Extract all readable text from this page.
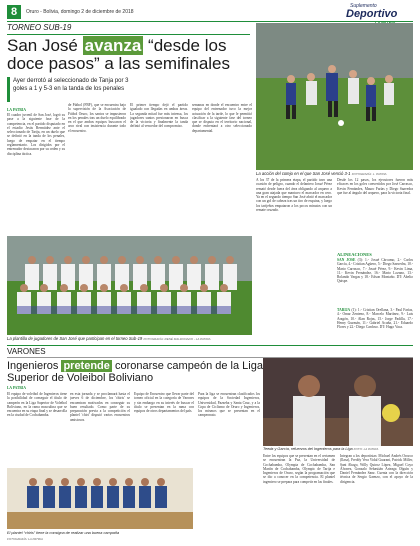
8	Oruro - Bolivia, domingo 2 de diciembre de 2018
Suplemento
Deportivo
TORNEO SUB-19
San José avanza “desde los doce pasos” a las semifinales
Ayer derrotó al seleccionado de Tanja por 3 goles a 1 y 5-3 en la tanda de los penales
LA PATRIA
El cuadro juvenil de San José, logró su pase a la siguiente fase de la competencia, en el partido disputado en el estadio Jesús Bermúdez ante el seleccionado de Tarija, en un duelo que se definió en la tanda de los penales, luego de empatar en el tiempo reglamentario. Los dirigidos por el entrenador destacaron por su orden y su disciplina táctica.
de Fútbol (FBF), que se encuentra bajo la supervisión de la Asociación de Fútbol Oruro, los santos se impusieron en los penales tras un duelo equilibrado en el que ambos equipos buscaron el arco rival con insistencia durante todo el encuentro.
El primer tiempo dejó el partido igualado con llegadas en ambas áreas. La segunda mitad fue más intensa, los jugadores santos presionaron en busca de la victoria y finalmente la tanda definió al vencedor del compromiso.
semanas en donde el encuentro entre el equipo del entrenador tuvo la mejor actuación de la tarde, lo que le permitió clasificar a la siguiente fase del torneo que se disputa en el territorio nacional, donde enfrentará a otro seleccionado departamental.
La acción del cotejo en el que San José venció 3-1 FOTOGRAFÍA: L. PATRIA
A los 37 de la primera etapa, el partido tuvo una ocasión de peligro, cuando el delantero Josué Pérez remató desde fuera del área obligando al arquero a una gran atajada que mantuvo el marcador en cero. Ya en el segundo tiempo San José abrió el marcador con un gol de cabeza tras un tiro de esquina, y luego los tarijeños empataron a los pocos minutos con un remate cruzado.
Desde los 12 pasos, los ejecutores fueron más eficaces en los goles convertidos por José Carrasco, Kevin Fernández, Mauro Farías y Diego Saavedra que fue al ángulo del arquero, para la victoria final.
ALINEACIONES
SAN JOSÉ (3): 1.- Josué Cárcamo, 2.- Carlos García, 4.- Cristian Agüero, 5.- Diego Saavedra, 10.- Mario Carrasco, 7.- Josué Pérez, 9.- Kevin Lima, 11.- Kevin Fernández, 16.- Mario Lozano, 13.- Rolando Vargas y 18.- Edson Montaño. DT: Abelio Quispe.
TARIJA (1): 1.- Cristian Orellana, 3.- Paul Farías, 4.- Omar Zenteno, 8.- Marcelo Martínez, 9.- Luis Aragón, 10.- Alan Rojas, 15.- Jorge Padilla, 17.- Henry Guzmán, 11.- Gabriel Acuña, 21.- Eduardo Flores y 22.- Diego Cardoso. DT: Hugo Vaca.
La plantilla de jugadores de San José que participan en el torneo Sub-19 FOTOGRAFÍA: RENÉ MALDONADO - LA PATRIA
VARONES
Ingenieros pretende coronarse campeón de la Liga Superior de Voleibol Boliviano
LA PATRIA
El equipo de voleibol de Ingenieros tiene la posibilidad de conseguir el título de campeón en la Liga Superior de Voleibol Boliviano, en la rama masculina que se encuentra en su etapa final y se desarrolla en la ciudad de Cochabamba.
en esta jornada y se proclamará hasta el jueves 6 de diciembre, los 'chiris' se encuentran motivados en conseguir su buen resultado. Como parte de su preparación previa a la competición el plantel 'chiri' disputó varios encuentros amistosos.
Equipo de Encuentro que llevar parte del torneo oficial en la categoría de Varones y sin embargo en su interés de buscar el título se presentan en la rama con equipos de otros departamentos del país.
Para la liga se encuentran clasificados los equipos de la Sociedad Ingenieros, Universidad, Pazzeba y Santa Cruz, y a la Copa de Ciclismo de Oruro y Ingenieros, los mismos que se presentan en el campeonato.
El plantel “chiris” tiene la consigna de realizar una buena campaña
FOTOGRAFÍA: LA PATRIA
Teeda y García, refuerzos del Ingenieros para la Liga FOTO: LA PATRIA
Entre los equipos que se presentan en el certamen se encuentran la Paz, la Universidad de Cochabamba, Olympia de Cochabamba, San Martín de Cochabamba, Olympic de Tarija e Ingenieros de Oruro, según la programación que se dio a conocer en la competencia. El plantel ingeniero se prepara para competir en las finales.
Integran a los deportistas: Michael Andrés Orozco (Ilasa), Freddy Vera Vidal Guarani, Patrick Miller, Sant Abago, Willy Quiroz López, Miguel Coyo Álvarez, Gonzalo Sebastián Arteaga Olguín y Daniel Fernández Sanz. Cuenta con la dirección técnica de Sergio Gaenzo, con el apoyo de la dirigencia.
